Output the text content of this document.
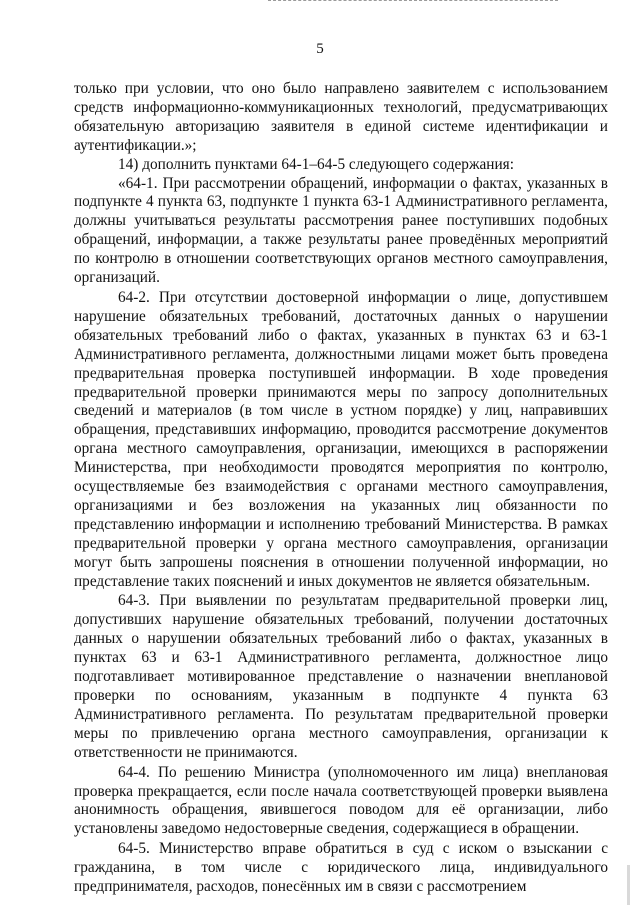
5

только при условии, что оно было направлено заявителем с использованием средств информационно-коммуникационных технологий, предусматривающих обязательную авторизацию заявителя в единой системе идентификации и аутентификации.»;

14) дополнить пунктами 64-1–64-5 следующего содержания:

«64-1. При рассмотрении обращений, информации о фактах, указанных в подпункте 4 пункта 63, подпункте 1 пункта 63-1 Административного регламента, должны учитываться результаты рассмотрения ранее поступивших подобных обращений, информации, а также результаты ранее проведённых мероприятий по контролю в отношении соответствующих органов местного самоуправления, организаций.

64-2. При отсутствии достоверной информации о лице, допустившем нарушение обязательных требований, достаточных данных о нарушении обязательных требований либо о фактах, указанных в пунктах 63 и 63-1 Административного регламента, должностными лицами может быть проведена предварительная проверка поступившей информации. В ходе проведения предварительной проверки принимаются меры по запросу дополнительных сведений и материалов (в том числе в устном порядке) у лиц, направивших обращения, представивших информацию, проводится рассмотрение документов органа местного самоуправления, организации, имеющихся в распоряжении Министерства, при необходимости проводятся мероприятия по контролю, осуществляемые без взаимодействия с органами местного самоуправления, организациями и без возложения на указанных лиц обязанности по представлению информации и исполнению требований Министерства. В рамках предварительной проверки у органа местного самоуправления, организации могут быть запрошены пояснения в отношении полученной информации, но представление таких пояснений и иных документов не является обязательным.

64-3. При выявлении по результатам предварительной проверки лиц, допустивших нарушение обязательных требований, получении достаточных данных о нарушении обязательных требований либо о фактах, указанных в пунктах 63 и 63-1 Административного регламента, должностное лицо подготавливает мотивированное представление о назначении внеплановой проверки по основаниям, указанным в подпункте 4 пункта 63 Административного регламента. По результатам предварительной проверки меры по привлечению органа местного самоуправления, организации к ответственности не принимаются.

64-4. По решению Министра (уполномоченного им лица) внеплановая проверка прекращается, если после начала соответствующей проверки выявлена анонимность обращения, явившегося поводом для её организации, либо установлены заведомо недостоверные сведения, содержащиеся в обращении.

64-5. Министерство вправе обратиться в суд с иском о взыскании с гражданина, в том числе с юридического лица, индивидуального предпринимателя, расходов, понесённых им в связи с рассмотрением
